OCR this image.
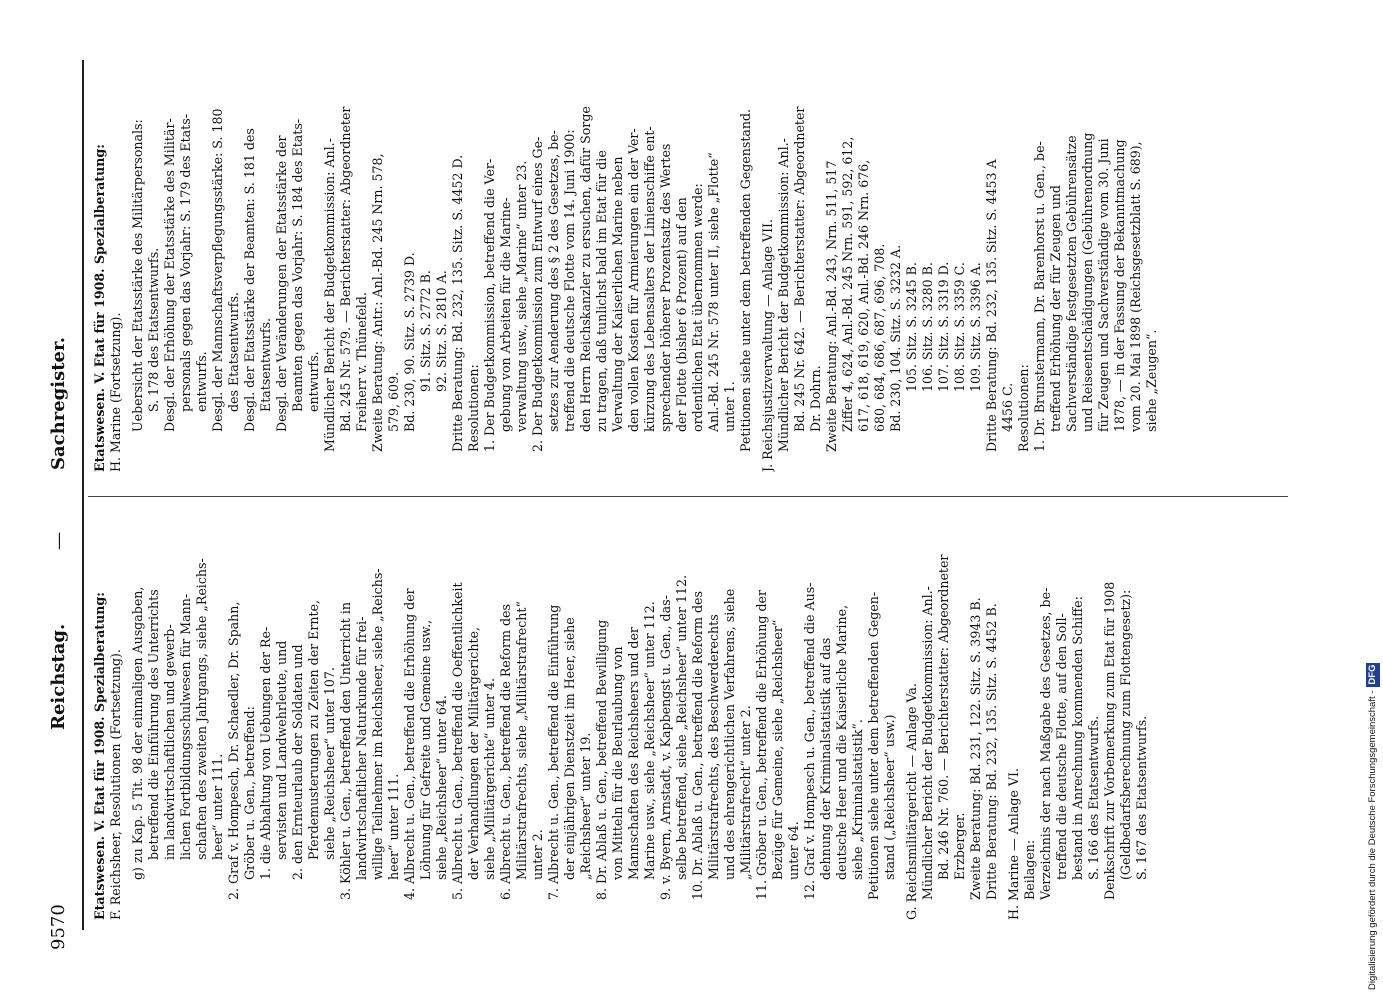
9570
Reichstag.
—
Sachregister.
Etatswesen. V. Etat für 1908. Spezialberatung: F. Reichsheer, Resolutionen (Fortsetzung). g) zu Kap. 5 Tit. 98 der einmaligen Ausgaben, betreffend die Einführung des Unterrichts im landwirtschaftlichen und gewerb- lichen Fortbildungsschulwesen für Mann- schaften des zweiten Jahrgangs, siehe „Reichs- heer“ unter 111. 2. Graf v. Hompesch, Dr. Schaedler, Dr. Spahn, Gröber u. Gen., betreffend: 1. die Abhaltung von Uebungen der Re- servisten und Landwehrleute, und 2. den Ernteurlaub der Soldaten und Pferdemusterungen zu Zeiten der Ernte, siehe „Reichsheer“ unter 107. 3. Köhler u. Gen., betreffend den Unterricht in landwirtschaftlicher Naturkunde für frei- willige Teilnehmer im Reichsheer, siehe „Reichs- heer“ unter 111. 4. Albrecht u. Gen., betreffend die Erhöhung der Löhnung für Gefreite und Gemeine usw., siehe „Reichsheer“ unter 64. 5. Albrecht u. Gen., betreffend die Oeffentlichkeit der Verhandlungen der Militärgerichte, siehe „Militärgerichte“ unter 4. 6. Albrecht u. Gen., betreffend die Reform des Militärstrafrechts, siehe „Militärstrafrecht“ unter 2. 7. Albrecht u. Gen., betreffend die Einführung der einjährigen Dienstzeit im Heer, siehe „Reichsheer“ unter 19. 8. Dr. Ablaß u. Gen., betreffend Bewilligung von Mitteln für die Beurlaubung von Mannschaften des Reichsheers und der Marine usw., siehe „Reichsheer“ unter 112. 9. v. Byern, Arnstadt, v. Kapbengst u. Gen., das- selbe betreffend, siehe „Reichsheer“ unter 112. 10. Dr. Ablaß u. Gen., betreffend die Reform des Militärstrafrechts, des Beschwerderechts und des ehrengerichtlichen Verfahrens, siehe „Militärstrafrecht“ unter 2. 11. Gröber u. Gen., betreffend die Erhöhung der Bezüge für Gemeine, siehe „Reichsheer“ unter 64. 12. Graf v. Hompesch u. Gen., betreffend die Aus- dehnung der Kriminalstatistik auf das deutsche Heer und die Kaiserliche Marine, siehe „Kriminalstatistik“. Petitionen siehe unter dem betreffenden Gegen- stand („Reichsheer“ usw.) G. Reichsmilitärgericht — Anlage Va. Mündlicher Bericht der Budgetkommission: Anl.- Bd. 246 Nr. 760. — Berichterstatter: Abgeordneter Erzberger. Zweite Beratung: Bd. 231, 122. Sitz. S. 3943 B. Dritte Beratung: Bd. 232, 135. Sitz. S. 4452 B. H. Marine — Anlage VI. Beilagen: Verzeichnis der nach Maßgabe des Gesetzes, be- treffend die deutsche Flotte, auf den Soll- bestand in Anrechnung kommenden Schiffe: S. 166 des Etatsentwurfs. Denkschrift zur Vorbemerkung zum Etat für 1908 (Geldbedarfsberechnung zum Flottengesetz): S. 167 des Etatsentwurfs.
Etatswesen. V. Etat für 1908. Spezialberatung: H. Marine (Fortsetzung). Uebersicht der Etatsstärke des Militärpersonals: S. 178 des Etatsentwurfs. Desgl. der Erhöhung der Etatsstärke des Militär- personals gegen das Vorjahr: S. 179 des Etats- entwurfs. Desgl. der Mannschaftsverpflegungsstärke: S. 180 des Etatsentwurfs. Desgl. der Etatsstärke der Beamten: S. 181 des Etatsentwurfs. Desgl. der Veränderungen der Etatsstärke der Beamten gegen das Vorjahr: S. 184 des Etats- entwurfs. Mündlicher Bericht der Budgetkommission: Anl.- Bd. 245 Nr. 579. — Berichterstatter: Abgeordneter Freiherr v. Thünefeld. Zweite Beratung: Antr.: Anl.-Bd. 245 Nrn. 578, 579, 609. Bd. 230, 90. Sitz. S. 2739 D. 91. Sitz. S. 2772 B. 92. Sitz. S. 2810 A. Dritte Beratung: Bd. 232, 135. Sitz. S. 4452 D. Resolutionen: 1. Der Budgetkommission, betreffend die Ver- gebung von Arbeiten für die Marine- verwaltung usw., siehe „Marine“ unter 23. 2. Der Budgetkommission zum Entwurf eines Ge- setzes zur Aenderung des § 2 des Gesetzes, be- treffend die deutsche Flotte vom 14. Juni 1900: den Herrn Reichskanzler zu ersuchen, dafür Sorge zu tragen, daß tunlichst bald im Etat für die Verwaltung der Kaiserlichen Marine neben den vollen Kosten für Armierungen ein der Ver- kürzung des Lebensalters der Linienschiffe ent- sprechender höherer Prozentsatz des Wertes der Flotte (bisher 6 Prozent) auf den ordentlichen Etat übernommen werde: Anl.-Bd. 245 Nr. 578 unter II, siehe „Flotte“ unter 1. Petitionen siehe unter dem betreffenden Gegenstand. J. Reichsjustizverwaltung — Anlage VII. Mündlicher Bericht der Budgetkommission: Anl.- Bd. 245 Nr. 642. — Berichterstatter: Abgeordneter Dr. Dohrn. Zweite Beratung: Anl.-Bd. 243, Nrn. 511, 517 Ziffer 4, 624, Anl.-Bd. 245 Nrn. 591, 592, 612, 617, 618, 619, 620, Anl.-Bd. 246 Nrn. 676, 680, 684, 686, 687, 696, 708. Bd. 230, 104. Sitz. S. 3232 A. 105. Sitz. S. 3245 B. 106. Sitz. S. 3280 B. 107. Sitz. S. 3319 D. 108. Sitz. S. 3359 C. 109. Sitz. S. 3396 A. Dritte Beratung: Bd. 232, 135. Sitz. S. 4453 A 4456 C. Resolutionen: 1. Dr. Brunstermann, Dr. Barenhorst u. Gen., be- treffend Erhöhung der für Zeugen und Sachverständige festgesetzten Gebührensätze und Reiseentschädigungen (Gebührenordnung für Zeugen und Sachverständige vom 30. Juni 1878, — in der Fassung der Bekanntmachung vom 20. Mai 1898 (Reichsgesetzblatt S. 689), siehe „Zeugen“.
Digitalisierung gefördert durch die Deutsche Forschungsgemeinschaft -DFG
